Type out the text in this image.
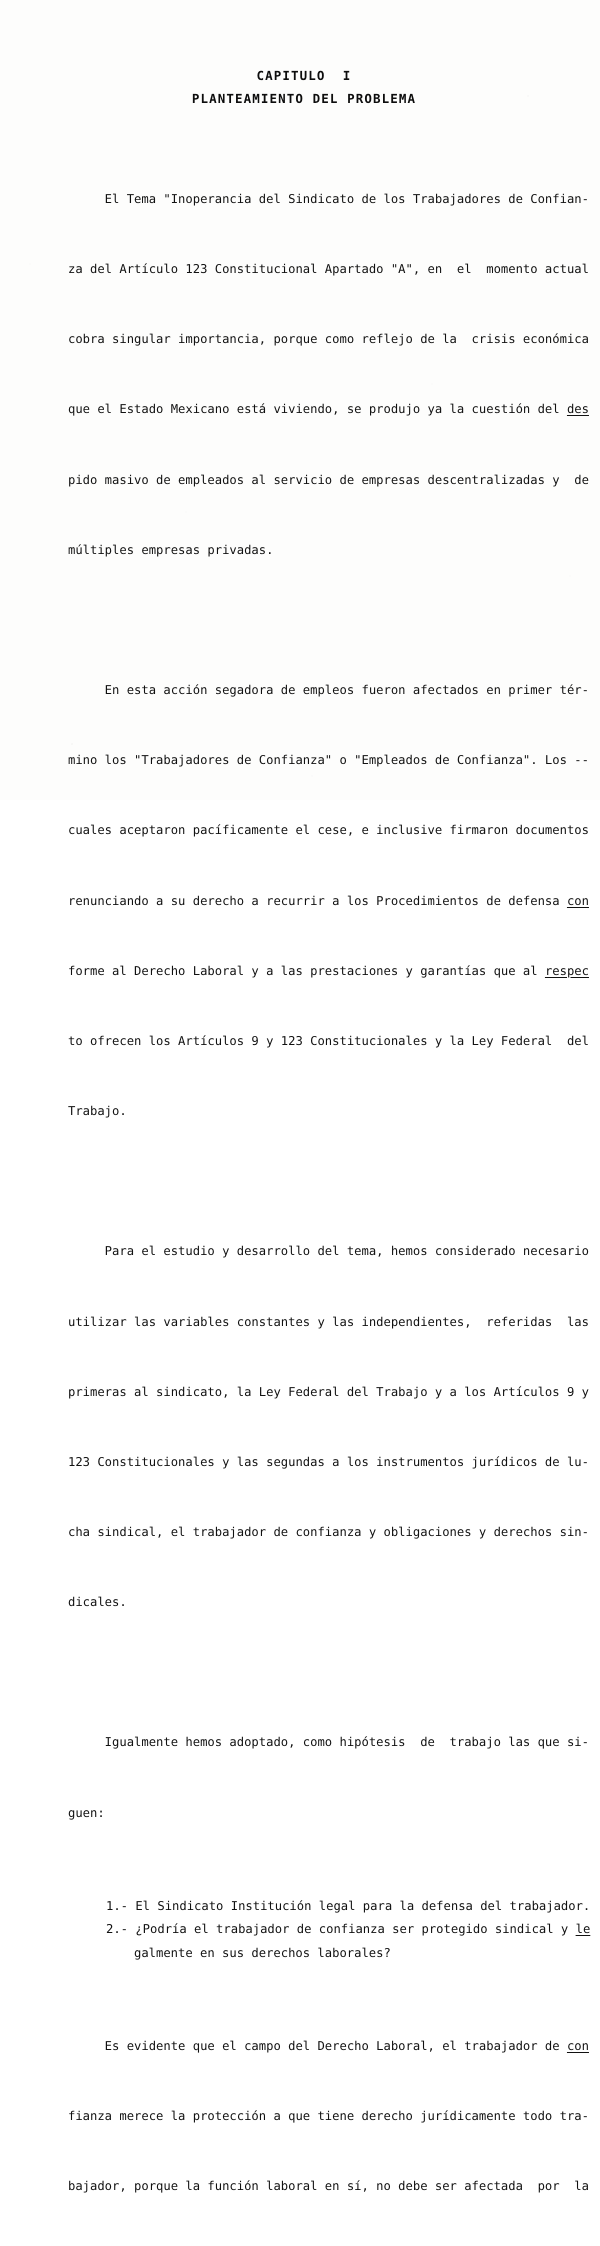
CAPITULO  I
PLANTEAMIENTO DEL PROBLEMA

El Tema "Inoperancia del Sindicato de los Trabajadores de Confian-

za del Artículo 123 Constitucional Apartado "A", en  el  momento actual

cobra singular importancia, porque como reflejo de la  crisis económica

que el Estado Mexicano está viviendo, se produjo ya la cuestión del des

pido masivo de empleados al servicio de empresas descentralizadas y  de

múltiples empresas privadas.

En esta acción segadora de empleos fueron afectados en primer tér-

mino los "Trabajadores de Confianza" o "Empleados de Confianza". Los --

cuales aceptaron pacíficamente el cese, e inclusive firmaron documentos

renunciando a su derecho a recurrir a los Procedimientos de defensa con

forme al Derecho Laboral y a las prestaciones y garantías que al respec

to ofrecen los Artículos 9 y 123 Constitucionales y la Ley Federal  del

Trabajo.

Para el estudio y desarrollo del tema, hemos considerado necesario

utilizar las variables constantes y las independientes,  referidas  las

primeras al sindicato, la Ley Federal del Trabajo y a los Artículos 9 y

123 Constitucionales y las segundas a los instrumentos jurídicos de lu-

cha sindical, el trabajador de confianza y obligaciones y derechos sin-

dicales.

Igualmente hemos adoptado, como hipótesis  de  trabajo las que si-

guen:

1.- El Sindicato Institución legal para la defensa del trabajador.
2.- ¿Podría el trabajador de confianza ser protegido sindical y le
galmente en sus derechos laborales?

Es evidente que el campo del Derecho Laboral, el trabajador de con

fianza merece la protección a que tiene derecho jurídicamente todo tra-

bajador, porque la función laboral en sí, no debe ser afectada  por  la
